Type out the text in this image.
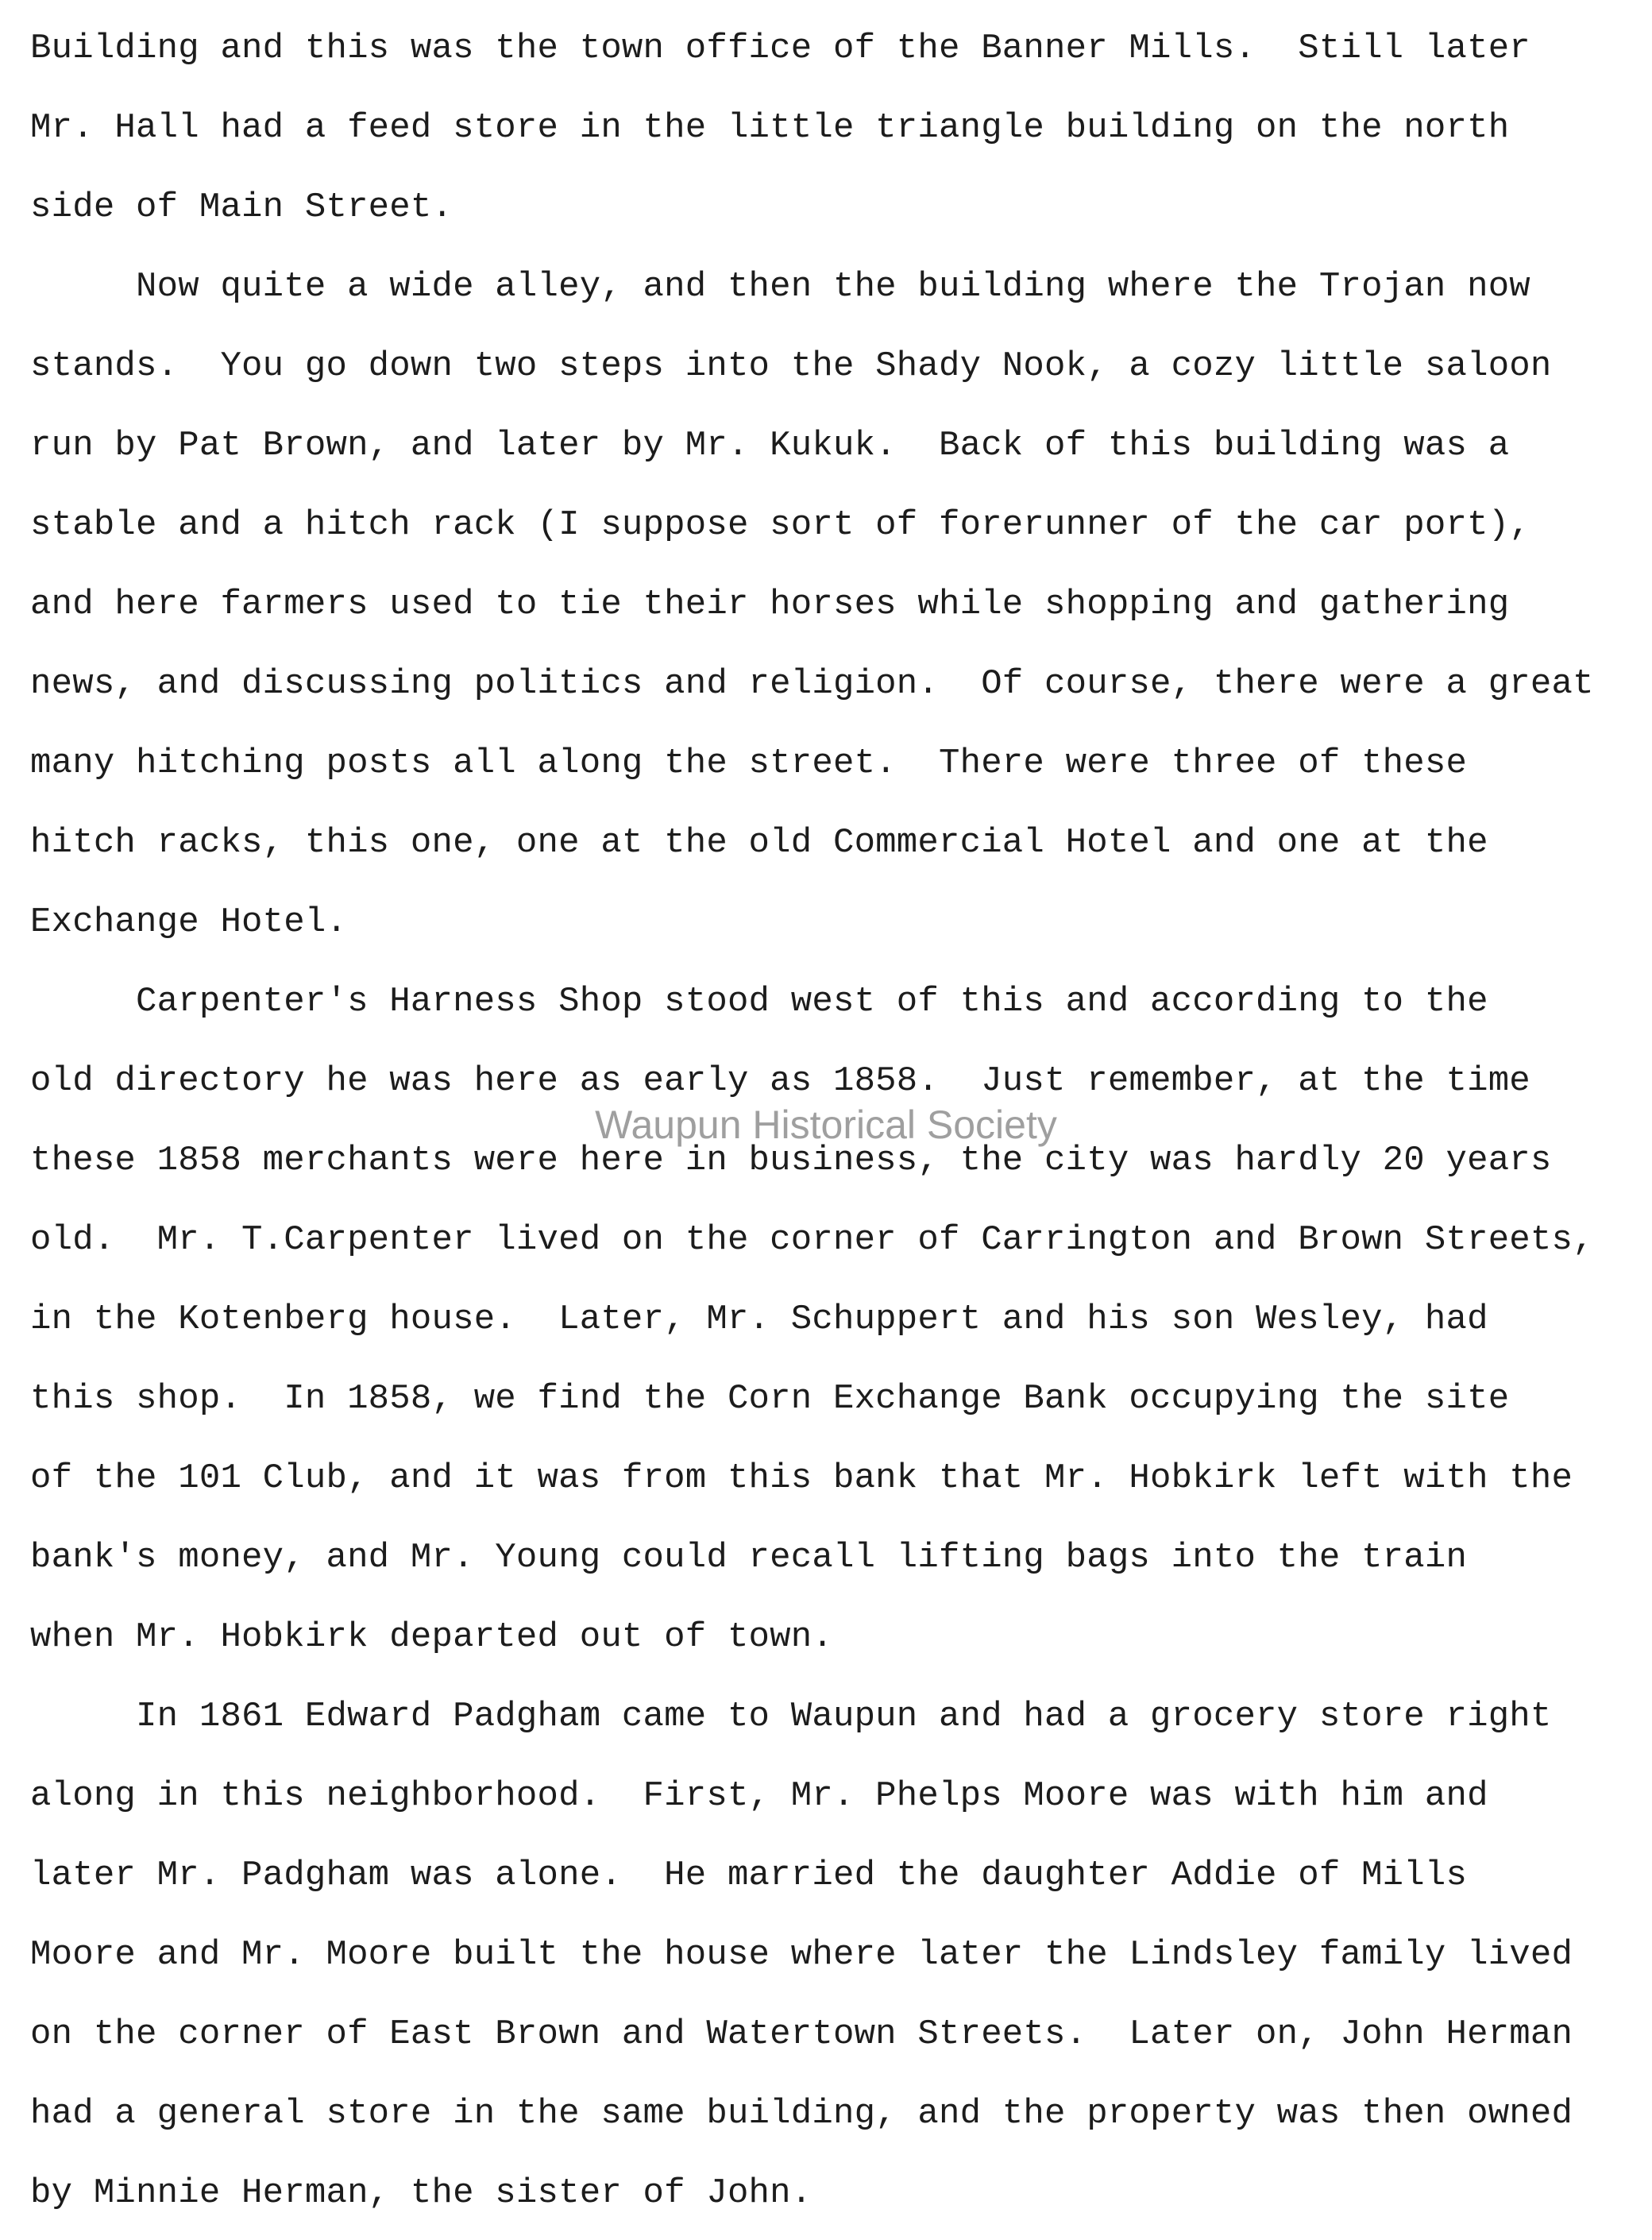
Building and this was the town office of the Banner Mills.  Still later
Mr. Hall had a feed store in the little triangle building on the north
side of Main Street.
Now quite a wide alley, and then the building where the Trojan now
stands.  You go down two steps into the Shady Nook, a cozy little saloon
run by Pat Brown, and later by Mr. Kukuk.  Back of this building was a
stable and a hitch rack (I suppose sort of forerunner of the car port),
and here farmers used to tie their horses while shopping and gathering
news, and discussing politics and religion.  Of course, there were a great
many hitching posts all along the street.  There were three of these
hitch racks, this one, one at the old Commercial Hotel and one at the
Exchange Hotel.
Carpenter's Harness Shop stood west of this and according to the
old directory he was here as early as 1858.  Just remember, at the time
these 1858 merchants were here in business, the city was hardly 20 years
old.  Mr. T.Carpenter lived on the corner of Carrington and Brown Streets,
in the Kotenberg house.  Later, Mr. Schuppert and his son Wesley, had
this shop.  In 1858, we find the Corn Exchange Bank occupying the site
of the 101 Club, and it was from this bank that Mr. Hobkirk left with the
bank's money, and Mr. Young could recall lifting bags into the train
when Mr. Hobkirk departed out of town.
In 1861 Edward Padgham came to Waupun and had a grocery store right
along in this neighborhood.  First, Mr. Phelps Moore was with him and
later Mr. Padgham was alone.  He married the daughter Addie of Mills
Moore and Mr. Moore built the house where later the Lindsley family lived
on the corner of East Brown and Watertown Streets.  Later on, John Herman
had a general store in the same building, and the property was then owned
by Minnie Herman, the sister of John.
Waupun Historical Society
